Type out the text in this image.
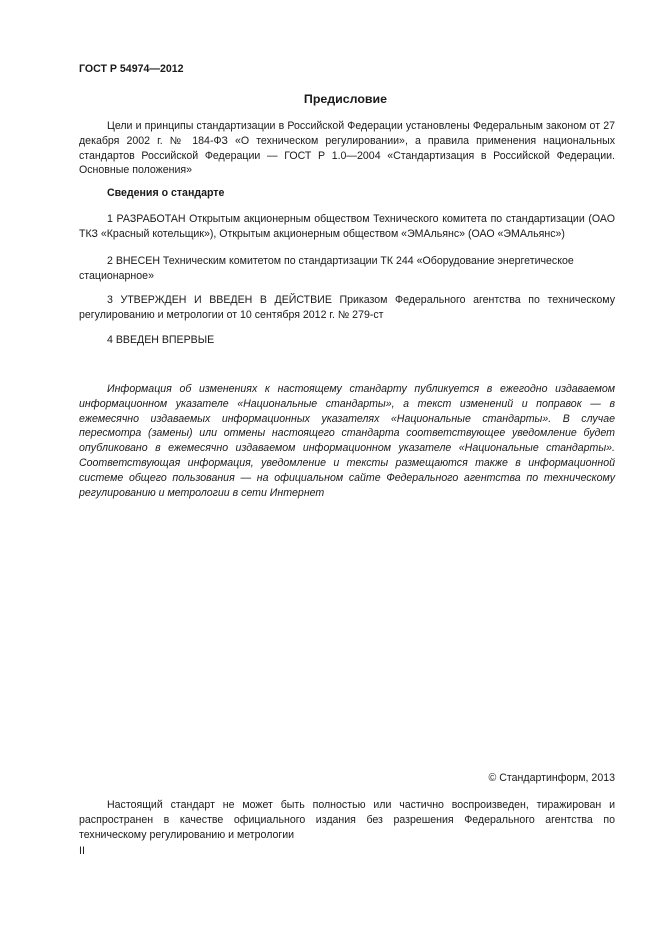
ГОСТ Р 54974—2012
Предисловие

Цели и принципы стандартизации в Российской Федерации установлены Федеральным законом от 27 декабря 2002 г. № 184-ФЗ «О техническом регулировании», а правила применения национальных стандартов Российской Федерации — ГОСТ Р 1.0—2004 «Стандартизация в Российской Федерации. Основные положения»

Сведения о стандарте

1 РАЗРАБОТАН Открытым акционерным обществом Технического комитета по стандартизации (ОАО ТКЗ «Красный котельщик»), Открытым акционерным обществом «ЭМАльянс» (ОАО «ЭМАльянс»)

2 ВНЕСЕН Техническим комитетом по стандартизации ТК 244 «Оборудование энергетическое стационарное»

3 УТВЕРЖДЕН И ВВЕДЕН В ДЕЙСТВИЕ Приказом Федерального агентства по техническому регулированию и метрологии от 10 сентября 2012 г. № 279-ст

4 ВВЕДЕН ВПЕРВЫЕ

Информация об изменениях к настоящему стандарту публикуется в ежегодно издаваемом информационном указателе «Национальные стандарты», а текст изменений и поправок — в ежемесячно издаваемых информационных указателях «Национальные стандарты». В случае пересмотра (замены) или отмены настоящего стандарта соответствующее уведомление будет опубликовано в ежемесячно издаваемом информационном указателе «Национальные стандарты». Соответствующая информация, уведомление и тексты размещаются также в информационной системе общего пользования — на официальном сайте Федерального агентства по техническому регулированию и метрологии в сети Интернет

© Стандартинформ, 2013

Настоящий стандарт не может быть полностью или частично воспроизведен, тиражирован и распространен в качестве официального издания без разрешения Федерального агентства по техническому регулированию и метрологии

II
